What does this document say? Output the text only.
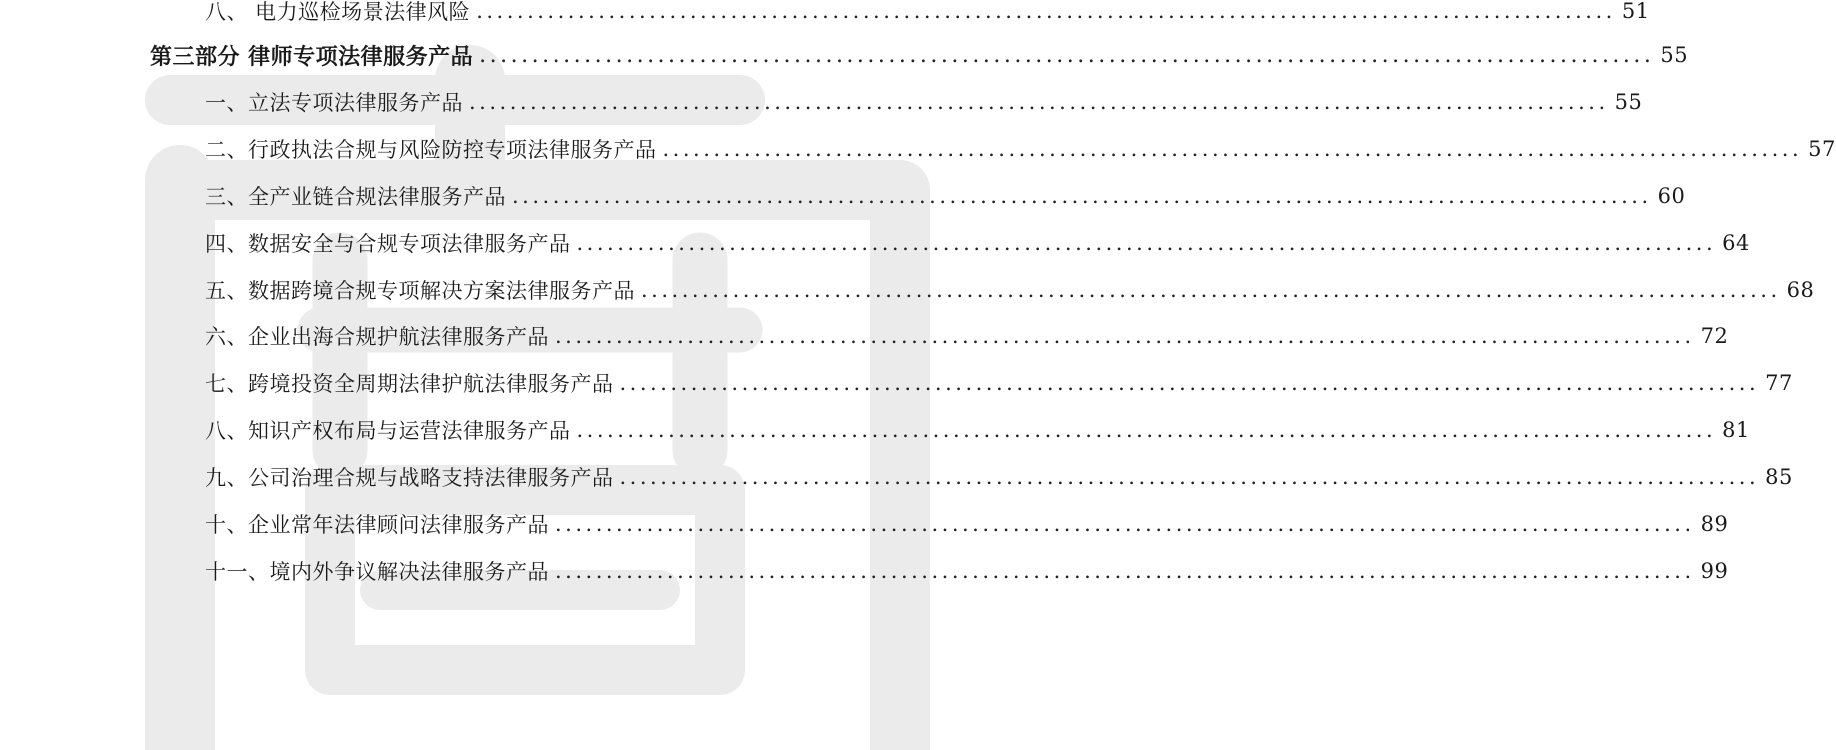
八、 电力巡检场景法律风险 ................................................................................................................ 51
第三部分 律师专项法律服务产品 ................................................................................................................ 55
一、立法专项法律服务产品 ................................................................................................................ 55
二、行政执法合规与风险防控专项法律服务产品 ................................................................................................................ 57
三、全产业链合规法律服务产品 ................................................................................................................ 60
四、数据安全与合规专项法律服务产品 ................................................................................................................ 64
五、数据跨境合规专项解决方案法律服务产品 ................................................................................................................ 68
六、企业出海合规护航法律服务产品 ................................................................................................................ 72
七、跨境投资全周期法律护航法律服务产品 ................................................................................................................ 77
八、知识产权布局与运营法律服务产品 ................................................................................................................ 81
九、公司治理合规与战略支持法律服务产品 ................................................................................................................ 85
十、企业常年法律顾问法律服务产品 ................................................................................................................ 89
十一、境内外争议解决法律服务产品 ................................................................................................................ 99
